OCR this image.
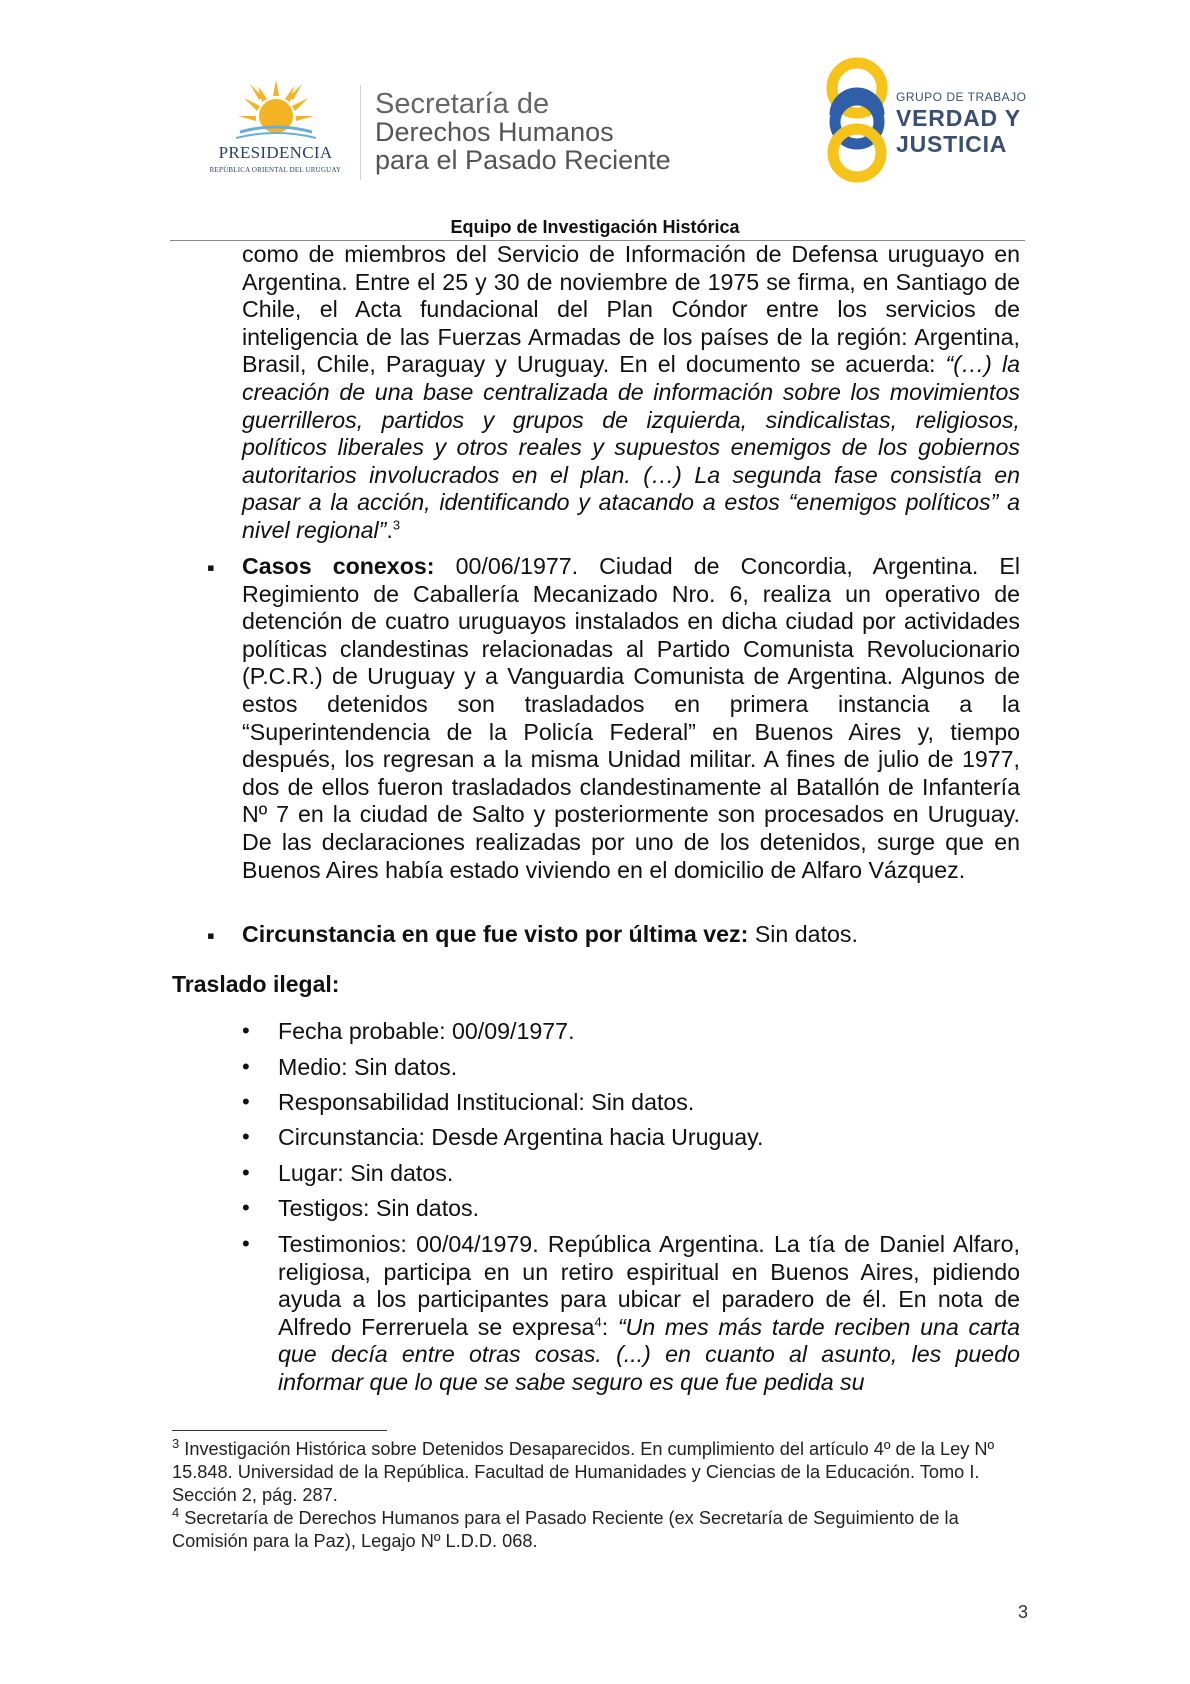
PRESIDENCIA
REPÚBLICA ORIENTAL DEL URUGUAY
Secretaría de
Derechos Humanos
para el Pasado Reciente
GRUPO DE TRABAJO
VERDAD Y
JUSTICIA
Equipo de Investigación Histórica
como de miembros del Servicio de Información de Defensa uruguayo en Argentina. Entre el 25 y 30 de noviembre de 1975 se firma, en Santiago de Chile, el Acta fundacional del Plan Cóndor entre los servicios de inteligencia de las Fuerzas Armadas de los países de la región: Argentina, Brasil, Chile, Paraguay y Uruguay. En el documento se acuerda: “(…) la creación de una base centralizada de información sobre los movimientos guerrilleros, partidos y grupos de izquierda, sindicalistas, religiosos, políticos liberales y otros reales y supuestos enemigos de los gobiernos autoritarios involucrados en el plan. (…) La segunda fase consistía en pasar a la acción, identificando y atacando a estos “enemigos políticos” a nivel regional”.$^3$
▪ Casos conexos: 00/06/1977. Ciudad de Concordia, Argentina. El Regimiento de Caballería Mecanizado Nro. 6, realiza un operativo de detención de cuatro uruguayos instalados en dicha ciudad por actividades políticas clandestinas relacionadas al Partido Comunista Revolucionario (P.C.R.) de Uruguay y a Vanguardia Comunista de Argentina. Algunos de estos detenidos son trasladados en primera instancia a la “Superintendencia de la Policía Federal” en Buenos Aires y, tiempo después, los regresan a la misma Unidad militar. A fines de julio de 1977, dos de ellos fueron trasladados clandestinamente al Batallón de Infantería Nº 7 en la ciudad de Salto y posteriormente son procesados en Uruguay. De las declaraciones realizadas por uno de los detenidos, surge que en Buenos Aires había estado viviendo en el domicilio de Alfaro Vázquez.
▪ Circunstancia en que fue visto por última vez: Sin datos.
Traslado ilegal:
• Fecha probable: 00/09/1977.
• Medio: Sin datos.
• Responsabilidad Institucional: Sin datos.
• Circunstancia: Desde Argentina hacia Uruguay.
• Lugar: Sin datos.
• Testigos: Sin datos.
• Testimonios: 00/04/1979. República Argentina. La tía de Daniel Alfaro, religiosa, participa en un retiro espiritual en Buenos Aires, pidiendo ayuda a los participantes para ubicar el paradero de él. En nota de Alfredo Ferreruela se expresa$^4$: “Un mes más tarde reciben una carta que decía entre otras cosas. (...) en cuanto al asunto, les puedo informar que lo que se sabe seguro es que fue pedida su
$^3$ Investigación Histórica sobre Detenidos Desaparecidos. En cumplimiento del artículo 4º de la Ley Nº 15.848. Universidad de la República. Facultad de Humanidades y Ciencias de la Educación. Tomo I. Sección 2, pág. 287.
$^4$ Secretaría de Derechos Humanos para el Pasado Reciente (ex Secretaría de Seguimiento de la Comisión para la Paz), Legajo Nº L.D.D. 068.
3
